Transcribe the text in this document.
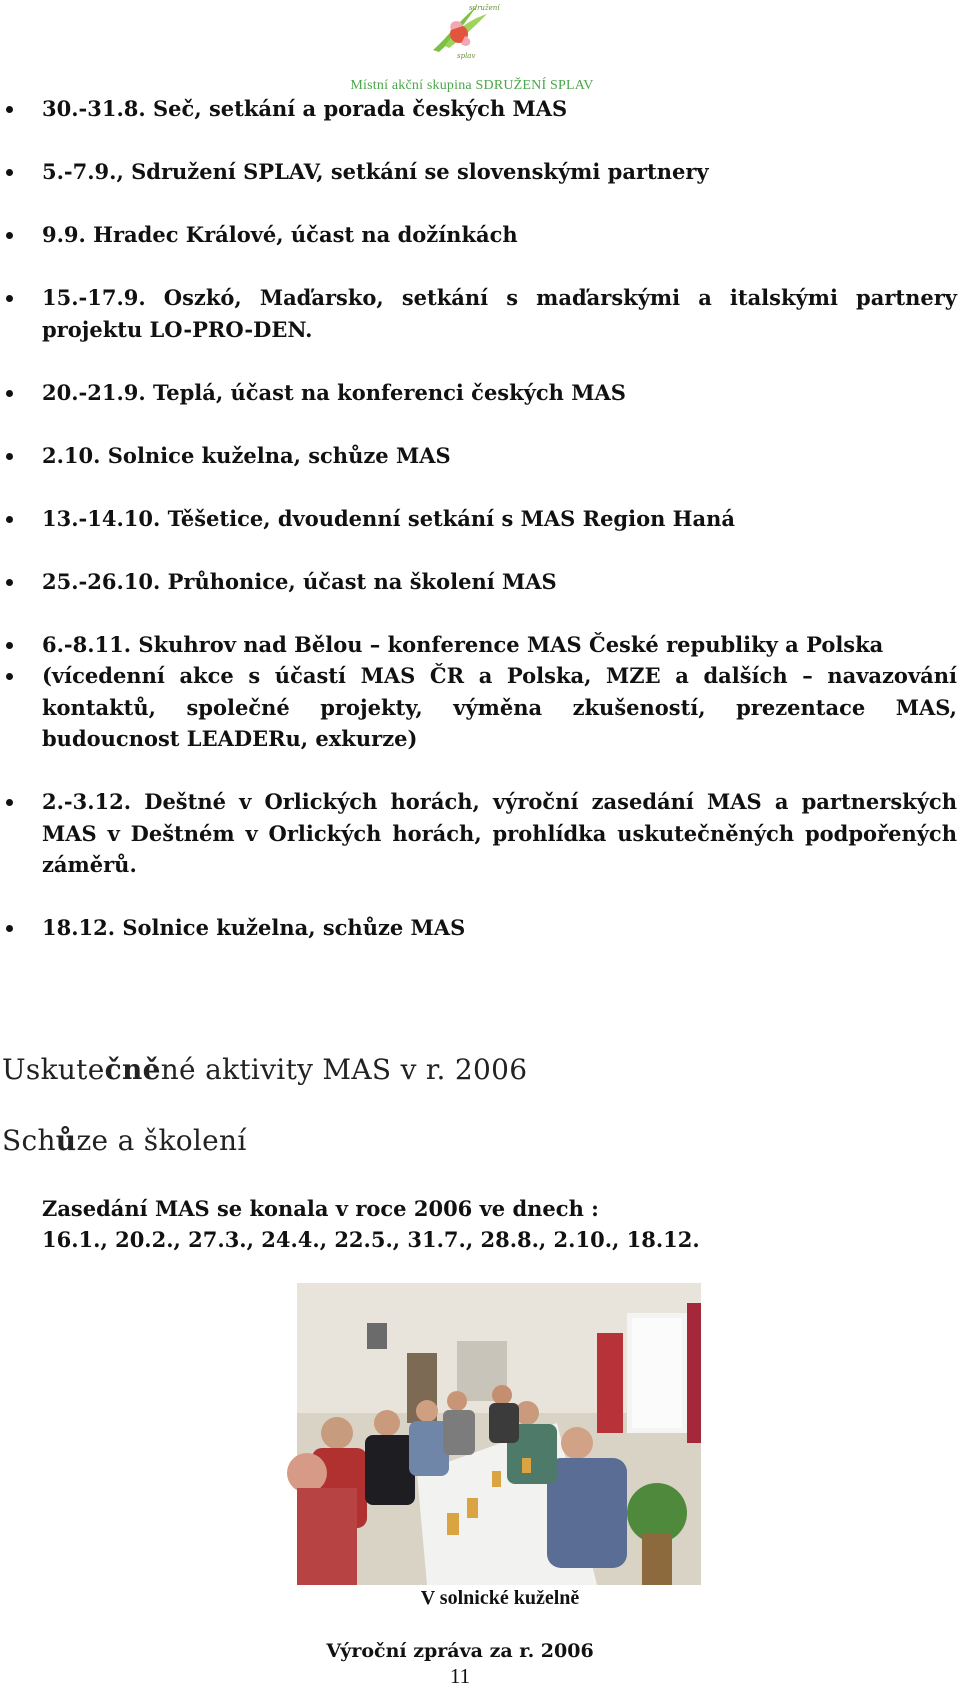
sdružení
splav
Místní akční skupina SDRUŽENÍ SPLAV
30.-31.8. Seč, setkání a porada českých MAS
5.-7.9., Sdružení SPLAV, setkání se slovenskými partnery
9.9. Hradec Králové, účast na dožínkách
15.-17.9. Oszkó, Maďarsko, setkání s maďarskými a italskými partnery projektu LO-PRO-DEN.
20.-21.9. Teplá, účast na konferenci českých MAS
2.10. Solnice kuželna, schůze MAS
13.-14.10. Těšetice, dvoudenní setkání s MAS Region Haná
25.-26.10. Průhonice, účast na školení MAS
6.-8.11. Skuhrov nad Bělou – konference MAS České republiky a Polska
(vícedenní akce s účastí MAS ČR a Polska, MZE a dalších – navazování kontaktů, společné projekty, výměna zkušeností, prezentace MAS, budoucnost LEADERu, exkurze)
2.-3.12. Deštné v Orlických horách, výroční zasedání MAS a partnerských MAS v Deštném v Orlických horách, prohlídka uskutečněných podpořených záměrů.
18.12. Solnice kuželna, schůze MAS
Uskutečněné aktivity MAS v r. 2006
Schůze a školení
Zasedání MAS se konala v roce 2006 ve dnech :
16.1., 20.2., 27.3., 24.4., 22.5., 31.7., 28.8., 2.10., 18.12.
V solnické kuželně
Výroční zpráva za r. 2006
11
